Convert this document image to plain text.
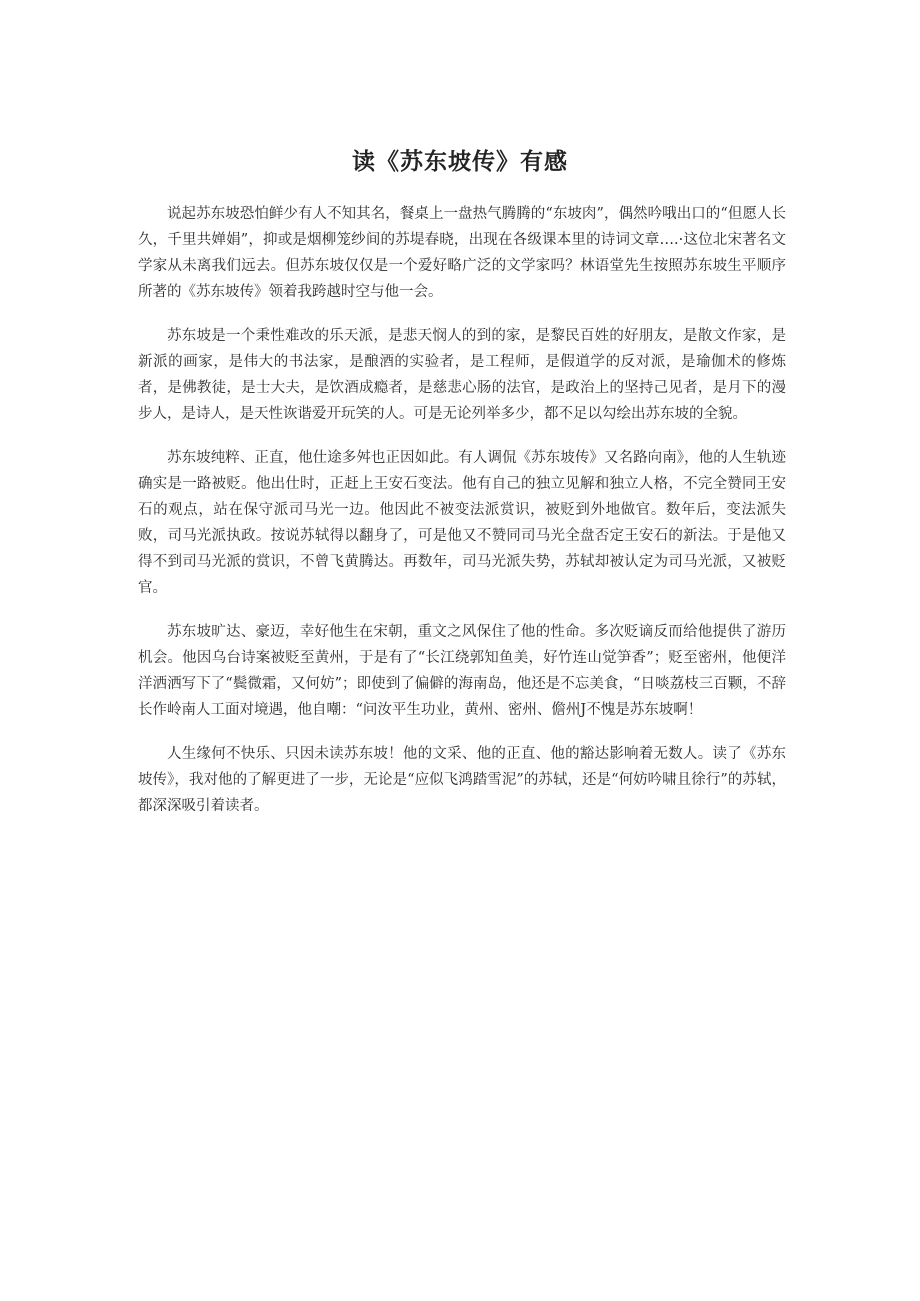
读《苏东坡传》有感

说起苏东坡恐怕鲜少有人不知其名，餐桌上一盘热气腾腾的“东坡肉”，偶然吟哦出口的“但愿人长久，千里共婵娟”，抑或是烟柳笼纱间的苏堤春晓，出现在各级课本里的诗词文章….·这位北宋著名文学家从未离我们远去。但苏东坡仅仅是一个爱好略广泛的文学家吗？林语堂先生按照苏东坡生平顺序所著的《苏东坡传》领着我跨越时空与他一会。

苏东坡是一个秉性难改的乐天派，是悲天悯人的到的家，是黎民百姓的好朋友，是散文作家，是新派的画家，是伟大的书法家，是酿酒的实验者，是工程师，是假道学的反对派，是瑜伽术的修炼者，是佛教徒，是士大夫，是饮酒成瘾者，是慈悲心肠的法官，是政治上的坚持己见者，是月下的漫步人，是诗人，是天性诙谐爱开玩笑的人。可是无论列举多少，都不足以勾绘出苏东坡的全貌。

苏东坡纯粹、正直，他仕途多舛也正因如此。有人调侃《苏东坡传》又名路向南》，他的人生轨迹确实是一路被贬。他出仕时，正赶上王安石变法。他有自己的独立见解和独立人格，不完全赞同王安石的观点，站在保守派司马光一边。他因此不被变法派赏识，被贬到外地做官。数年后，变法派失败，司马光派执政。按说苏轼得以翻身了，可是他又不赞同司马光全盘否定王安石的新法。于是他又得不到司马光派的赏识，不曾飞黄腾达。再数年，司马光派失势，苏轼却被认定为司马光派，又被贬官。

苏东坡旷达、豪迈，幸好他生在宋朝，重文之风保住了他的性命。多次贬谪反而给他提供了游历机会。他因乌台诗案被贬至黄州，于是有了“长江绕郭知鱼美，好竹连山觉笋香”；贬至密州，他便洋洋洒洒写下了“鬓微霜，又何妨”；即使到了偏僻的海南岛，他还是不忘美食，“日啖荔枝三百颗，不辞长作岭南人工面对境遇，他自嘲：“问汝平生功业，黄州、密州、儋州J不愧是苏东坡啊！

人生缘何不快乐、只因未读苏东坡！他的文采、他的正直、他的豁达影响着无数人。读了《苏东坡传》，我对他的了解更进了一步，无论是“应似飞鸿踏雪泥”的苏轼，还是“何妨吟啸且徐行”的苏轼，都深深吸引着读者。
